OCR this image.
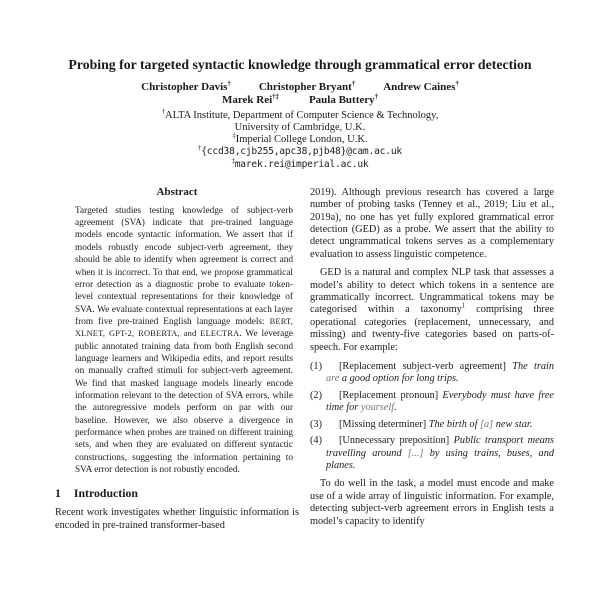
Probing for targeted syntactic knowledge through grammatical error detection
Christopher Davis†	Christopher Bryant†	Andrew Caines†
Marek Rei†‡	Paula Buttery†
†ALTA Institute, Department of Computer Science & Technology,
University of Cambridge, U.K.
‡Imperial College London, U.K.
†{ccd38,cjb255,apc38,pjb48}@cam.ac.uk
‡marek.rei@imperial.ac.uk
Abstract
Targeted studies testing knowledge of subject-verb agreement (SVA) indicate that pre-trained language models encode syntactic information. We assert that if models robustly encode subject-verb agreement, they should be able to identify when agreement is correct and when it is incorrect. To that end, we propose grammatical error detection as a diagnostic probe to evaluate token-level contextual representations for their knowledge of SVA. We evaluate contextual representations at each layer from five pre-trained English language models: BERT, XLNET, GPT-2, ROBERTA, and ELECTRA. We leverage public annotated training data from both English second language learners and Wikipedia edits, and report results on manually crafted stimuli for subject-verb agreement. We find that masked language models linearly encode information relevant to the detection of SVA errors, while the autoregressive models perform on par with our baseline. However, we also observe a divergence in performance when probes are trained on different training sets, and when they are evaluated on different syntactic constructions, suggesting the information pertaining to SVA error detection is not robustly encoded.
1 Introduction
Recent work investigates whether linguistic information is encoded in pre-trained transformer-based
2019). Although previous research has covered a large number of probing tasks (Tenney et al., 2019; Liu et al., 2019a), no one has yet fully explored grammatical error detection (GED) as a probe. We assert that the ability to detect ungrammatical tokens serves as a complementary evaluation to assess linguistic competence.
GED is a natural and complex NLP task that assesses a model’s ability to detect which tokens in a sentence are grammatically incorrect. Ungrammatical tokens may be categorised within a taxonomy$^1$ comprising three operational categories (replacement, unnecessary, and missing) and twenty-five categories based on parts-of-speech. For example:
(1)	[Replacement subject-verb agreement] The train are a good option for long trips.
(2)	[Replacement pronoun] Everybody must have free time for yourself.
(3)	[Missing determiner] The birth of [a] new star.
(4)	[Unnecessary preposition] Public transport means travelling around [...] by using trains, buses, and planes.
To do well in the task, a model must encode and make use of a wide array of linguistic information. For example, detecting subject-verb agreement errors in English tests a model’s capacity to identify
